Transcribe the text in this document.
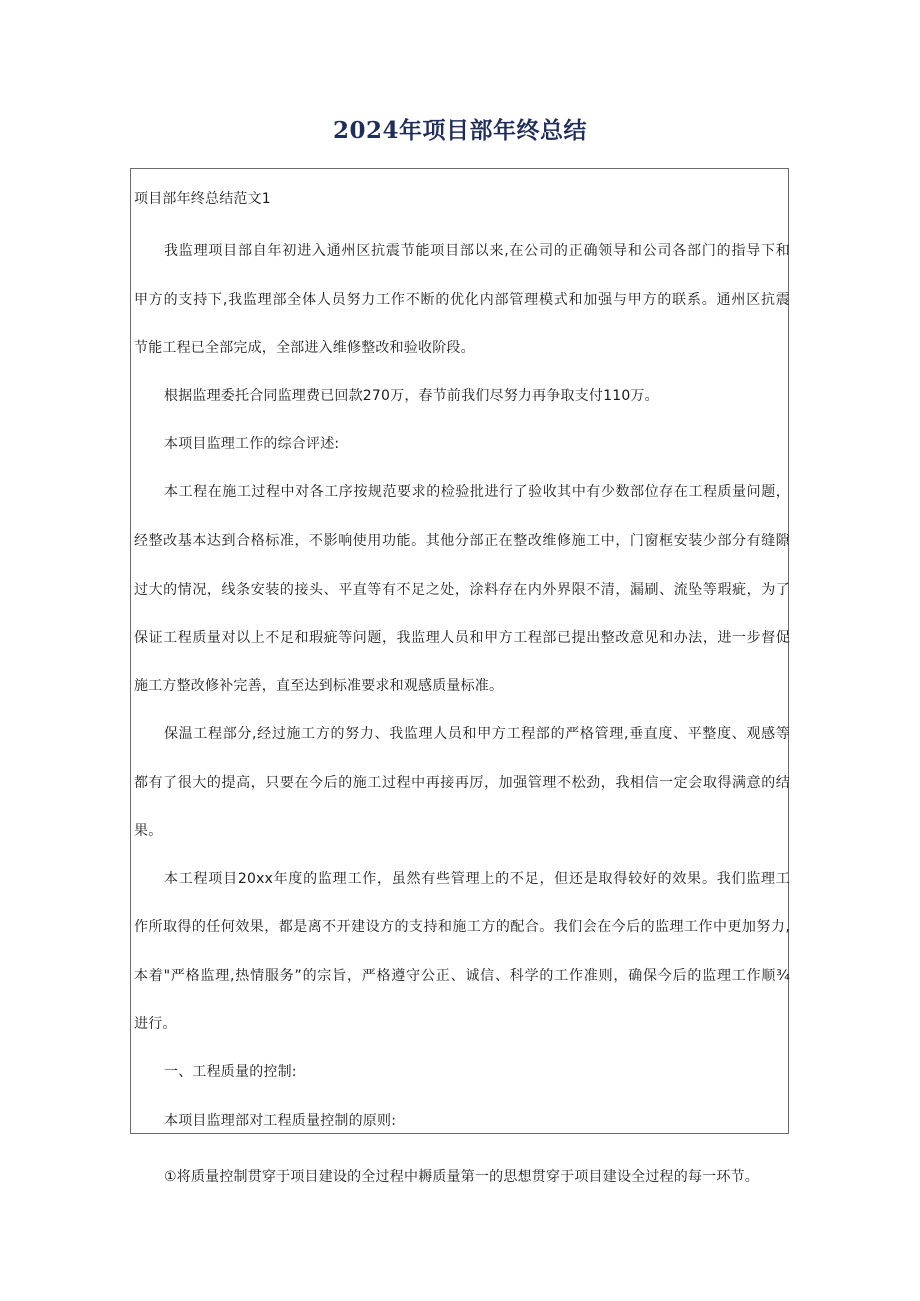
2024年项目部年终总结
项目部年终总结范文1
我监理项目部自年初进入通州区抗震节能项目部以来,在公司的正确领导和公司各部门的指导下和
甲方的支持下,我监理部全体人员努力工作不断的优化内部管理模式和加强与甲方的联系。通州区抗震
节能工程已全部完成，全部进入维修整改和验收阶段。
根据监理委托合同监理费已回款270万，春节前我们尽努力再争取支付110万。
本项目监理工作的综合评述:
本工程在施工过程中对各工序按规范要求的检验批进行了验收其中有少数部位存在工程质量问题，
经整改基本达到合格标准，不影响使用功能。其他分部正在整改维修施工中，门窗框安装少部分有缝隙
过大的情况，线条安装的接头、平直等有不足之处，涂料存在内外界限不清，漏刷、流坠等瑕疵，为了
保证工程质量对以上不足和瑕疵等问题，我监理人员和甲方工程部已提出整改意见和办法，进一步督促
施工方整改修补完善，直至达到标准要求和观感质量标准。
保温工程部分,经过施工方的努力、我监理人员和甲方工程部的严格管理,垂直度、平整度、观感等
都有了很大的提高，只要在今后的施工过程中再接再厉，加强管理不松劲，我相信一定会取得满意的结
果。
本工程项目20xx年度的监理工作，虽然有些管理上的不足，但还是取得较好的效果。我们监理工
作所取得的任何效果，都是离不开建设方的支持和施工方的配合。我们会在今后的监理工作中更加努力,
本着"严格监理,热情服务”的宗旨，严格遵守公正、诚信、科学的工作准则，确保今后的监理工作顺¾
进行。
一、工程质量的控制:
本项目监理部对工程质量控制的原则:
①将质量控制贯穿于项目建设的全过程中耨质量第一的思想贯穿于项目建设全过程的每一环节。
